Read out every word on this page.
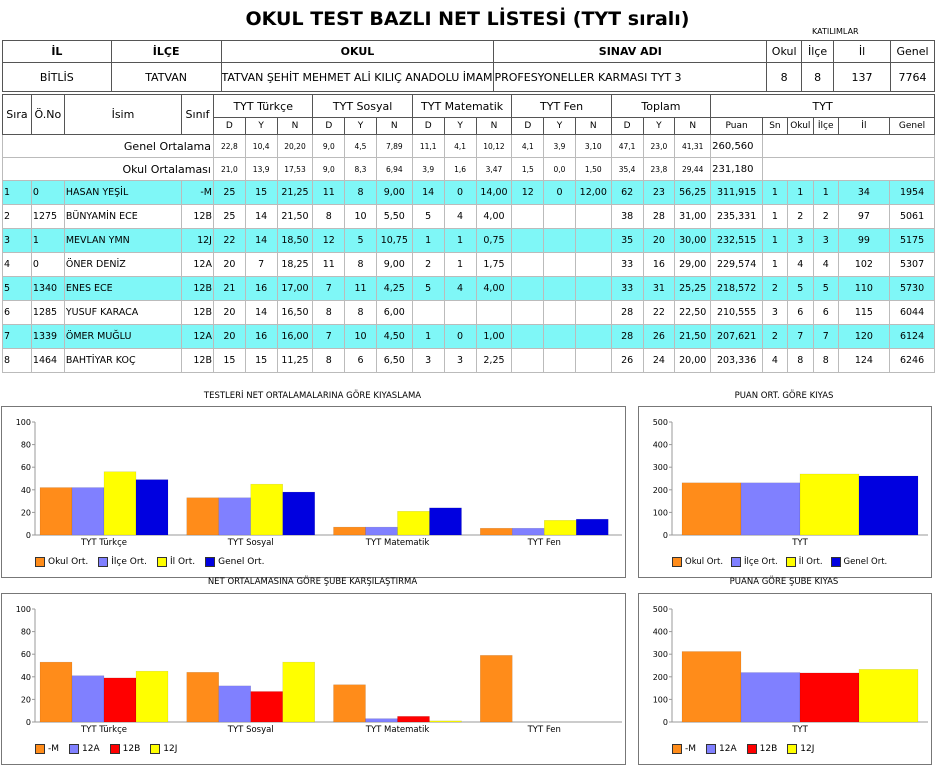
OKUL TEST BAZLI NET LİSTESİ (TYT sıralı)
KATILIMLAR
İL	İLÇE	OKUL	SINAV ADI	Okul	İlçe	İl	Genel
BİTLİS	TATVAN	TATVAN ŞEHİT MEHMET ALİ KILIÇ ANADOLU İMAM	PROFESYONELLER KARMASI TYT 3	8	8	137	7764
Sıra	Ö.No	İsim	Sınıf	TYT Türkçe			TYT Sosyal			TYT Matematik			TYT Fen			Toplam			TYT					
				D	Y	N	D	Y	N	D	Y	N	D	Y	N	D	Y	N	Puan	Sn	Okul	İlçe	İl	Genel
Genel Ortalama				22,8	10,4	20,20	9,0	4,5	7,89	11,1	4,1	10,12	4,1	3,9	3,10	47,1	23,0	41,31	260,560					
Okul Ortalaması				21,0	13,9	17,53	9,0	8,3	6,94	3,9	1,6	3,47	1,5	0,0	1,50	35,4	23,8	29,44	231,180					
1	0	HASAN YEŞİL	-M	25	15	21,25	11	8	9,00	14	0	14,00	12	0	12,00	62	23	56,25	311,915	1	1	1	34	1954
2	1275	BÜNYAMİN ECE	12B	25	14	21,50	8	10	5,50	5	4	4,00				38	28	31,00	235,331	1	2	2	97	5061
3	1	MEVLAN YMN	12J	22	14	18,50	12	5	10,75	1	1	0,75				35	20	30,00	232,515	1	3	3	99	5175
4	0	ÖNER DENİZ	12A	20	7	18,25	11	8	9,00	2	1	1,75				33	16	29,00	229,574	1	4	4	102	5307
5	1340	ENES ECE	12B	21	16	17,00	7	11	4,25	5	4	4,00				33	31	25,25	218,572	2	5	5	110	5730
6	1285	YUSUF KARACA	12B	20	14	16,50	8	8	6,00							28	22	22,50	210,555	3	6	6	115	6044
7	1339	ÖMER MUĞLU	12A	20	16	16,00	7	10	4,50	1	0	1,00				28	26	21,50	207,621	2	7	7	120	6124
8	1464	BAHTİYAR KOÇ	12B	15	15	11,25	8	6	6,50	3	3	2,25				26	24	20,00	203,336	4	8	8	124	6246
TESTLERİ NET ORTALAMALARINA GÖRE KIYASLAMA
0
20
40
60
80
100
TYT Türkçe	TYT Sosyal	TYT Matematik	TYT Fen
Okul Ort.	İlçe Ort.	İl Ort.	Genel Ort.
PUAN ORT. GÖRE KIYAS
0
100
200
300
400
500
TYT
Okul Ort. İlçe Ort. İl Ort. Genel Ort.
NET ORTALAMASINA GÖRE ŞUBE KARŞILAŞTIRMA
0
20
40
60
80
100
TYT Türkçe	TYT Sosyal	TYT Matematik	TYT Fen
-M	12A	12B	12J
PUANA GÖRE ŞUBE KIYAS
0
100
200
300
400
500
TYT
-M	12A	12B	12J
